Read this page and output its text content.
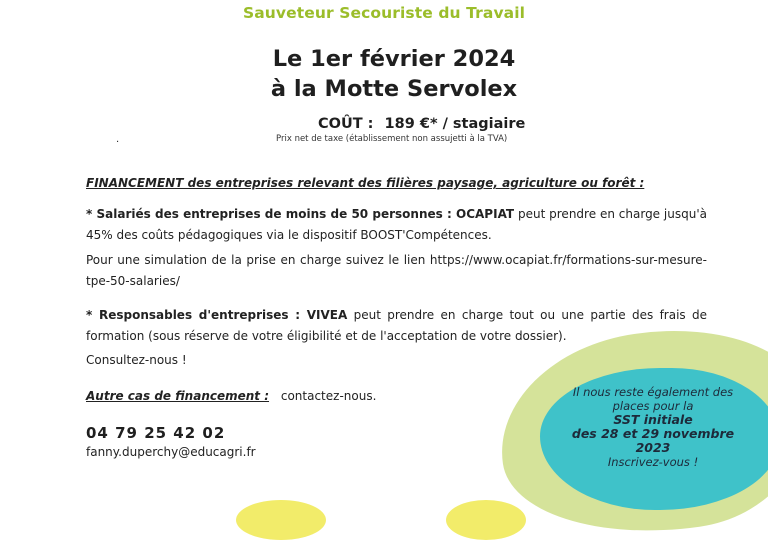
Sauveteur Secouriste du Travail
Le 1er février 2024
à la Motte Servolex
COÛT : 189 €* / stagiaire
.	Prix net de taxe (établissement non assujetti à la TVA)
FINANCEMENT des entreprises relevant des filières paysage, agriculture ou forêt :
* Salariés des entreprises de moins de 50 personnes : OCAPIAT peut prendre en charge jusqu'à 45% des coûts pédagogiques via le dispositif BOOST'Compétences.
Pour une simulation de la prise en charge suivez le lien https://www.ocapiat.fr/formations-sur-mesure-tpe-50-salaries/
* Responsables d'entreprises : VIVEA peut prendre en charge tout ou une partie des frais de formation (sous réserve de votre éligibilité et de l'acceptation de votre dossier).
Consultez-nous !
Autre cas de financement : contactez-nous.
04 79 25 42 02
fanny.duperchy@educagri.fr
Il nous reste également des
places pour la
SST initiale
des 28 et 29 novembre
2023
Inscrivez-vous !
